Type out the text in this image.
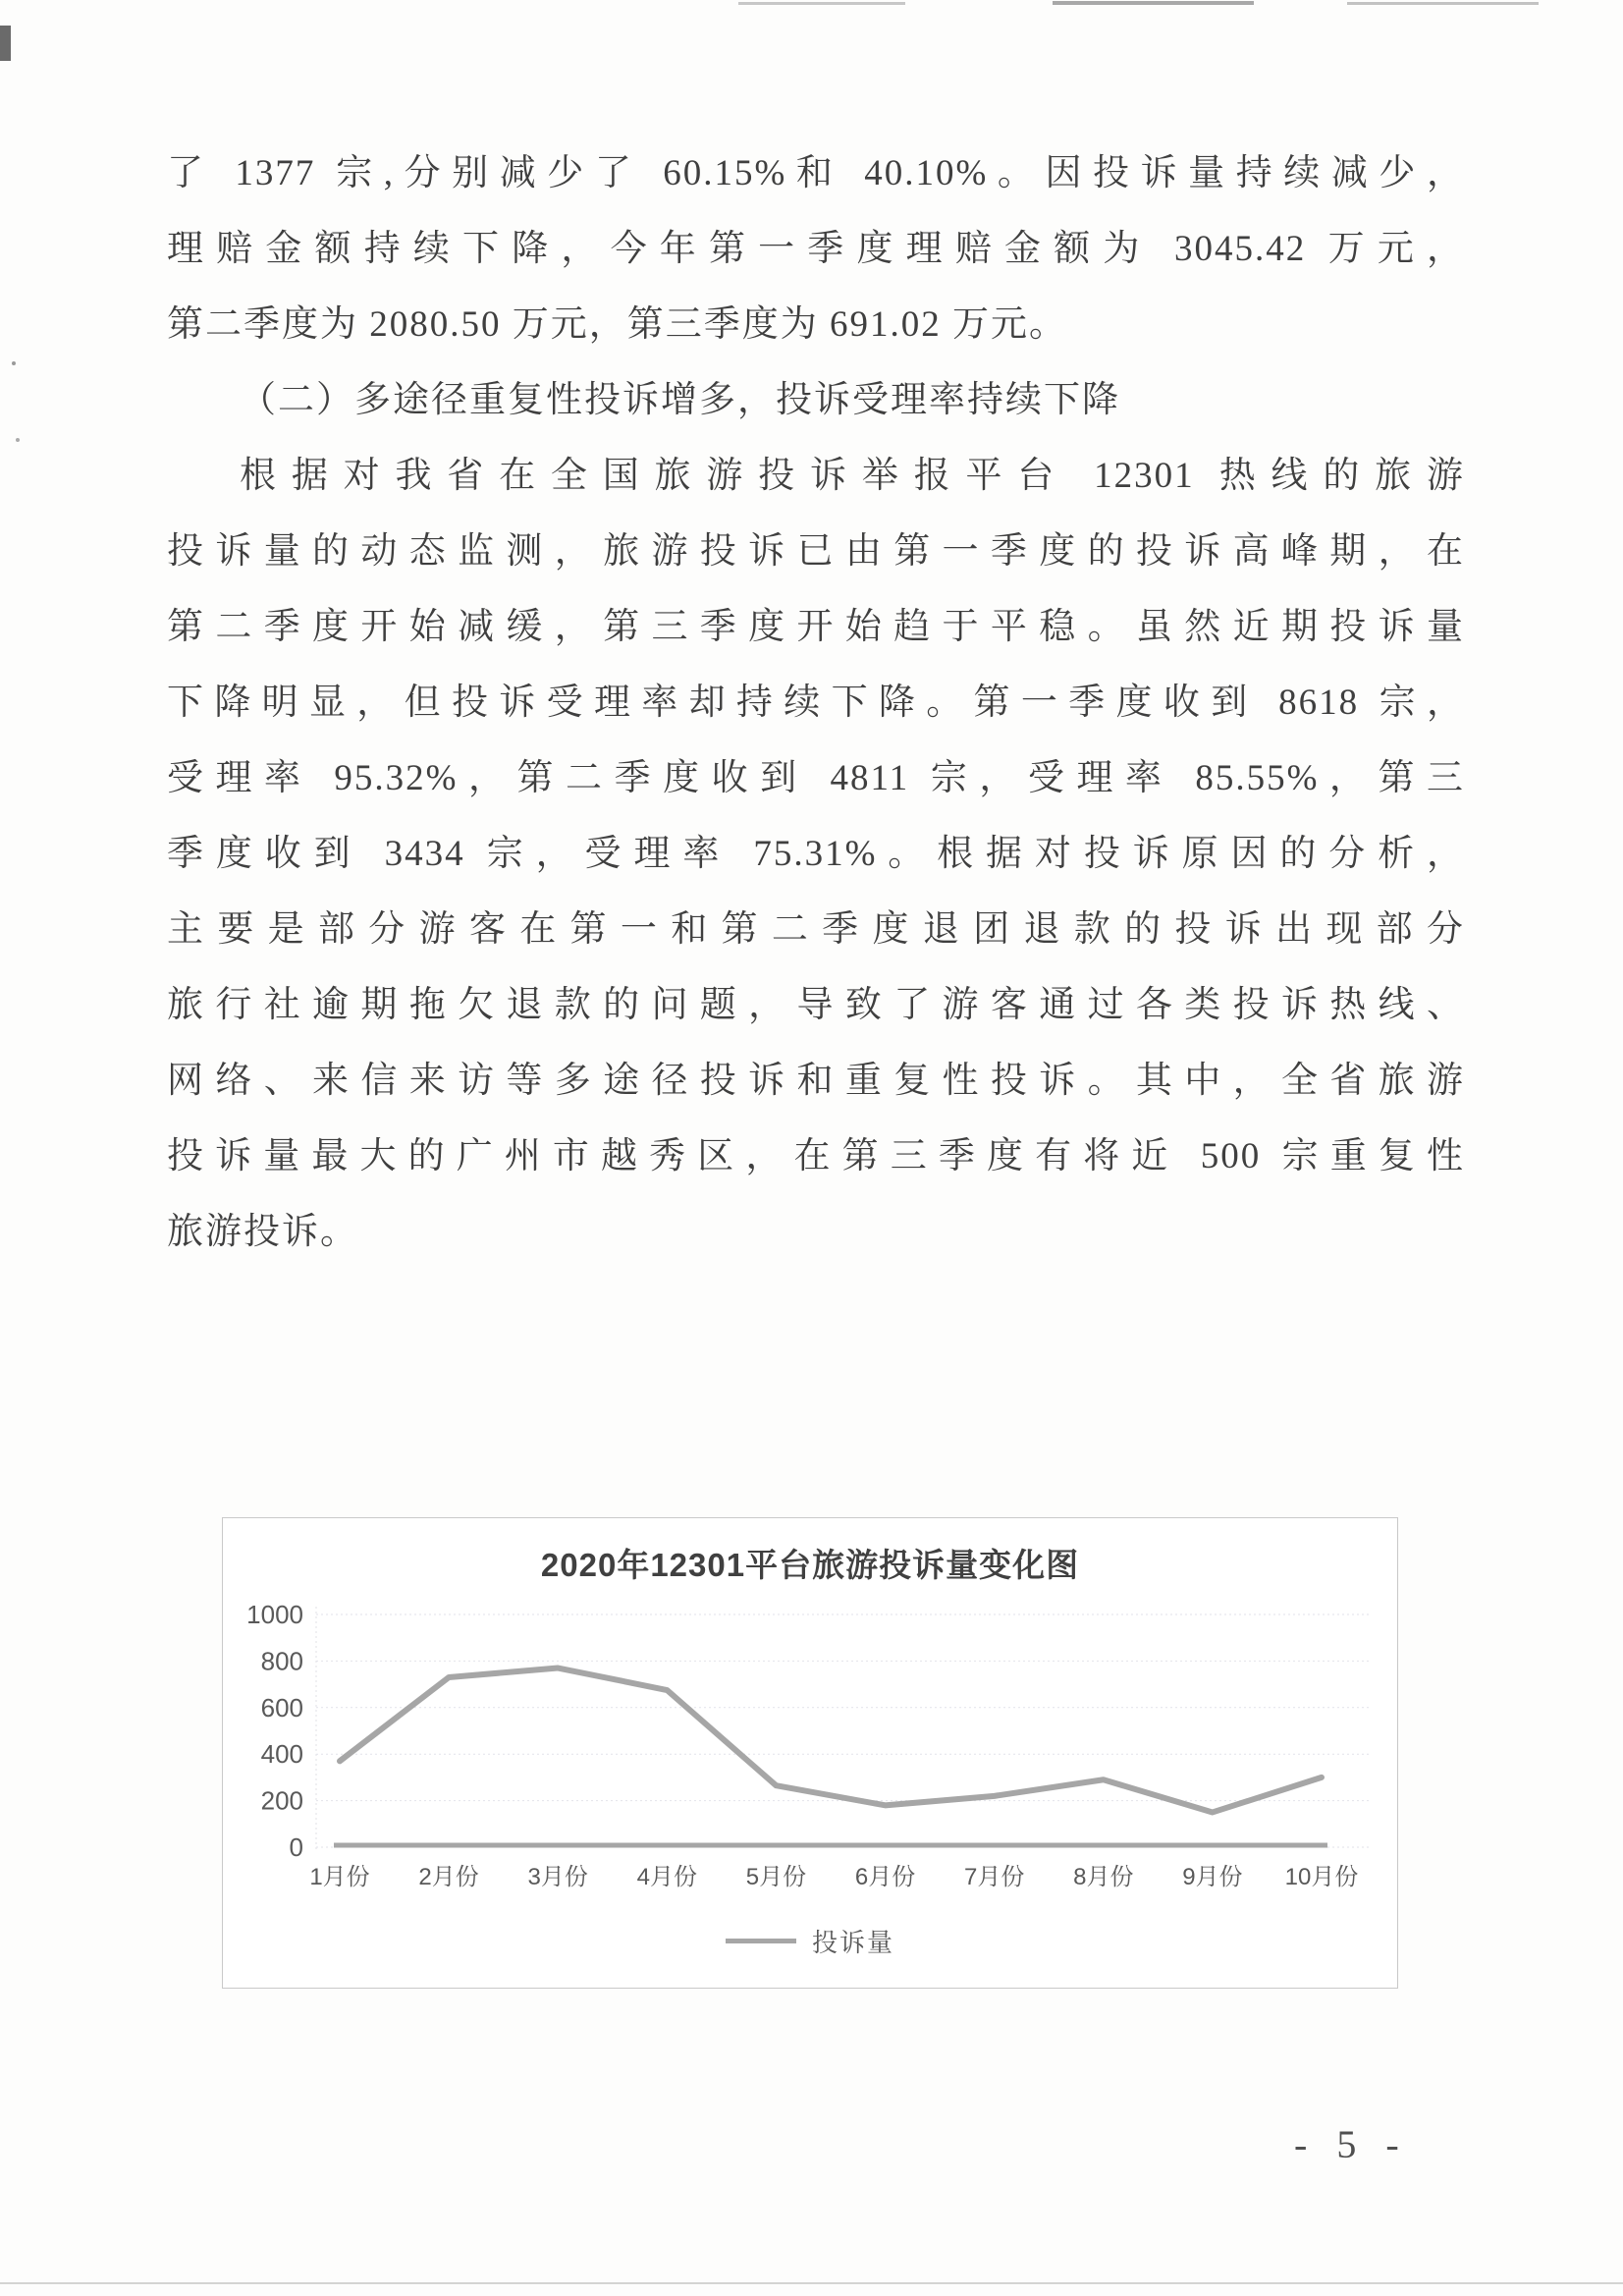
了 1377 宗,分别减少了 60.15%和 40.10%。因投诉量持续减少，
理赔金额持续下降，今年第一季度理赔金额为 3045.42 万元，
第二季度为 2080.50 万元，第三季度为 691.02 万元。
（二）多途径重复性投诉增多，投诉受理率持续下降
根据对我省在全国旅游投诉举报平台 12301 热线的旅游
投诉量的动态监测，旅游投诉已由第一季度的投诉高峰期，在
第二季度开始减缓，第三季度开始趋于平稳。虽然近期投诉量
下降明显，但投诉受理率却持续下降。第一季度收到 8618 宗，
受理率 95.32%，第二季度收到 4811 宗，受理率 85.55%，第三
季度收到 3434 宗，受理率 75.31%。根据对投诉原因的分析，
主要是部分游客在第一和第二季度退团退款的投诉出现部分
旅行社逾期拖欠退款的问题，导致了游客通过各类投诉热线、
网络、来信来访等多途径投诉和重复性投诉。其中，全省旅游
投诉量最大的广州市越秀区，在第三季度有将近 500 宗重复性
旅游投诉。
2020年12301平台旅游投诉量变化图
0
200
400
600
800
1000
1月份 2月份 3月份 4月份 5月份 6月份 7月份 8月份 9月份 10月份
投诉量
- 5 -
